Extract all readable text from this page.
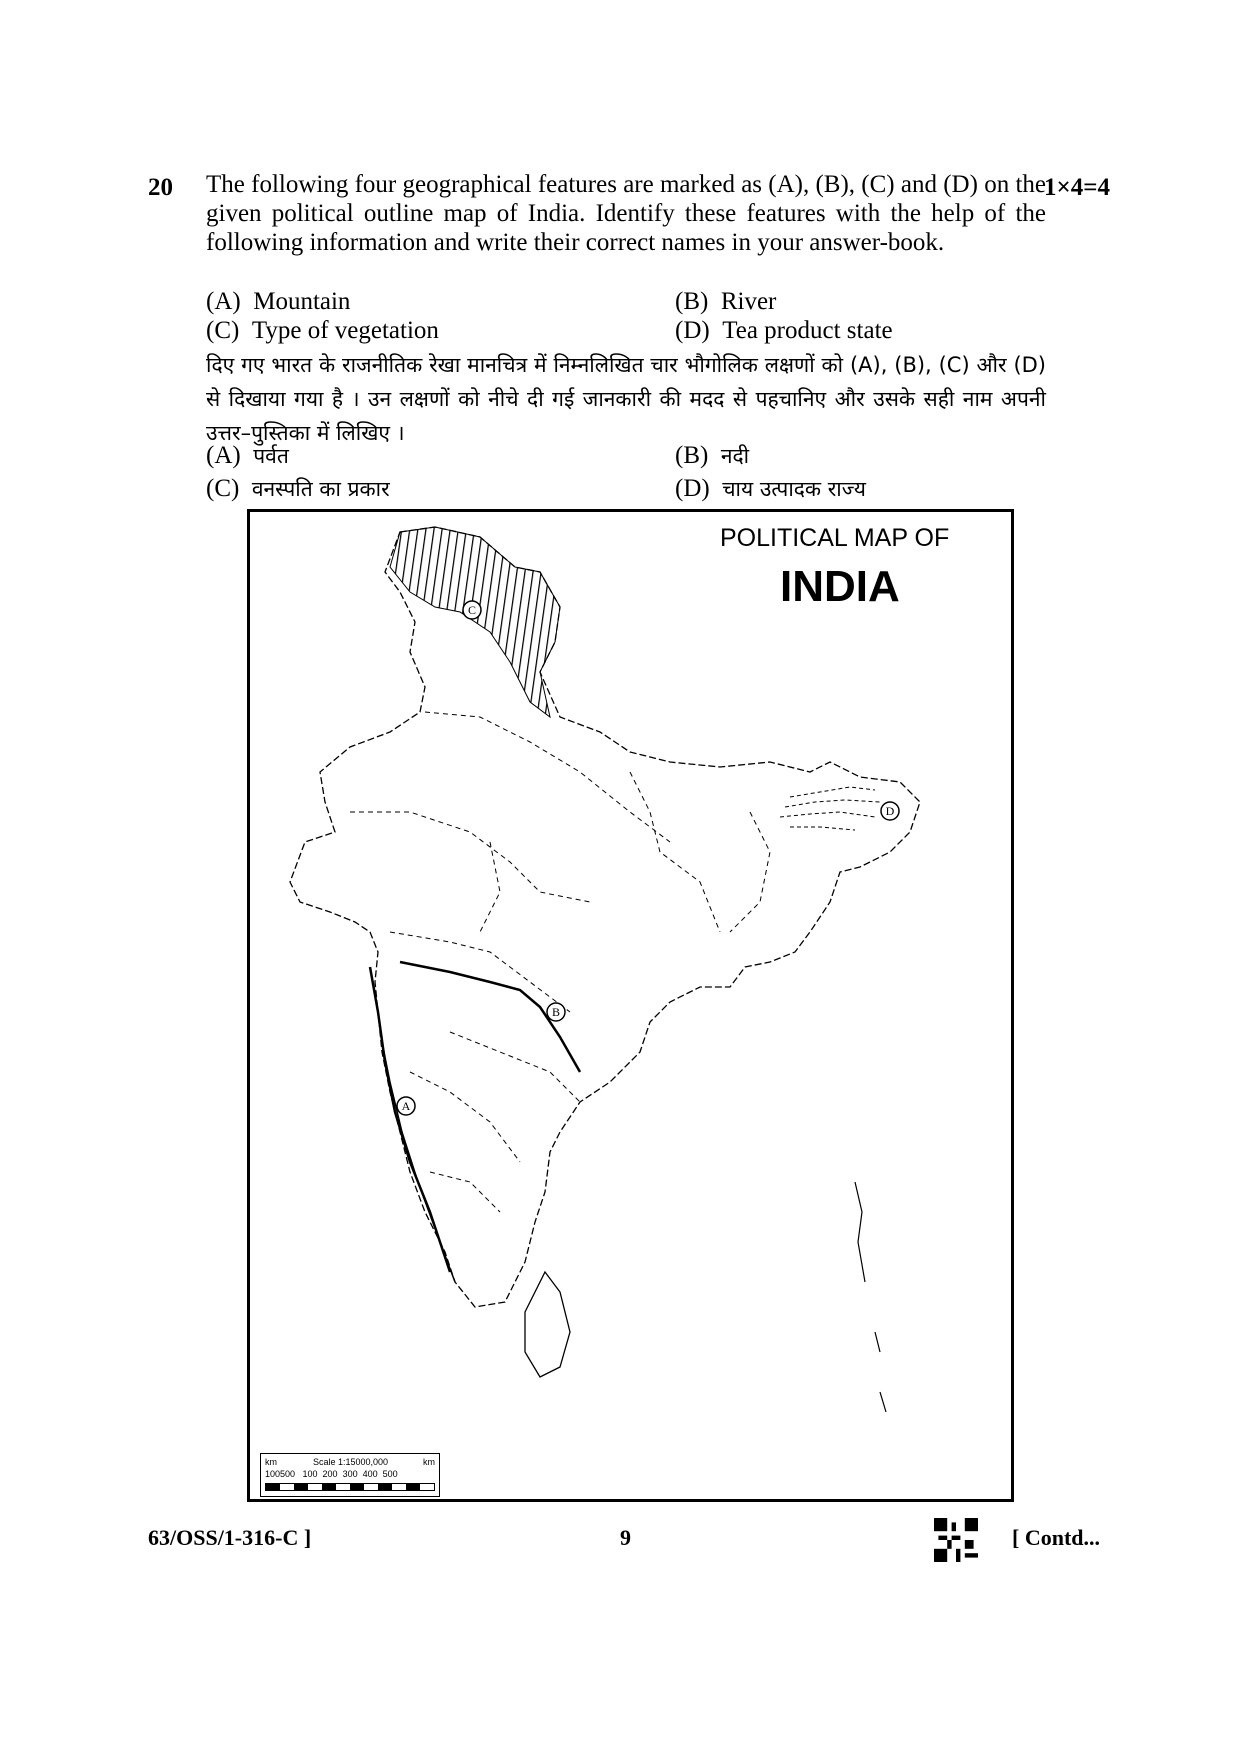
20	1×4=4
The following four geographical features are marked as (A), (B), (C) and (D) on the given political outline map of India. Identify these features with the help of the following information and write their correct names in your answer-book.
(A) Mountain	(B) River
(C) Type of vegetation	(D) Tea product state
दिए गए भारत के राजनीतिक रेखा मानचित्र में निम्नलिखित चार भौगोलिक लक्षणों को (A), (B), (C) और (D) से दिखाया गया है । उन लक्षणों को नीचे दी गई जानकारी की मदद से पहचानिए और उसके सही नाम अपनी उत्तर–पुस्तिका में लिखिए ।
(A) पर्वत	(B) नदी
(C) वनस्पति का प्रकार	(D) चाय उत्पादक राज्य
C
D
B
A
POLITICAL MAP OF
INDIA
km	Scale 1:15000,000	km
100500   100  200  300  400  500
63/OSS/1-316-C ]	9	[ Contd...
